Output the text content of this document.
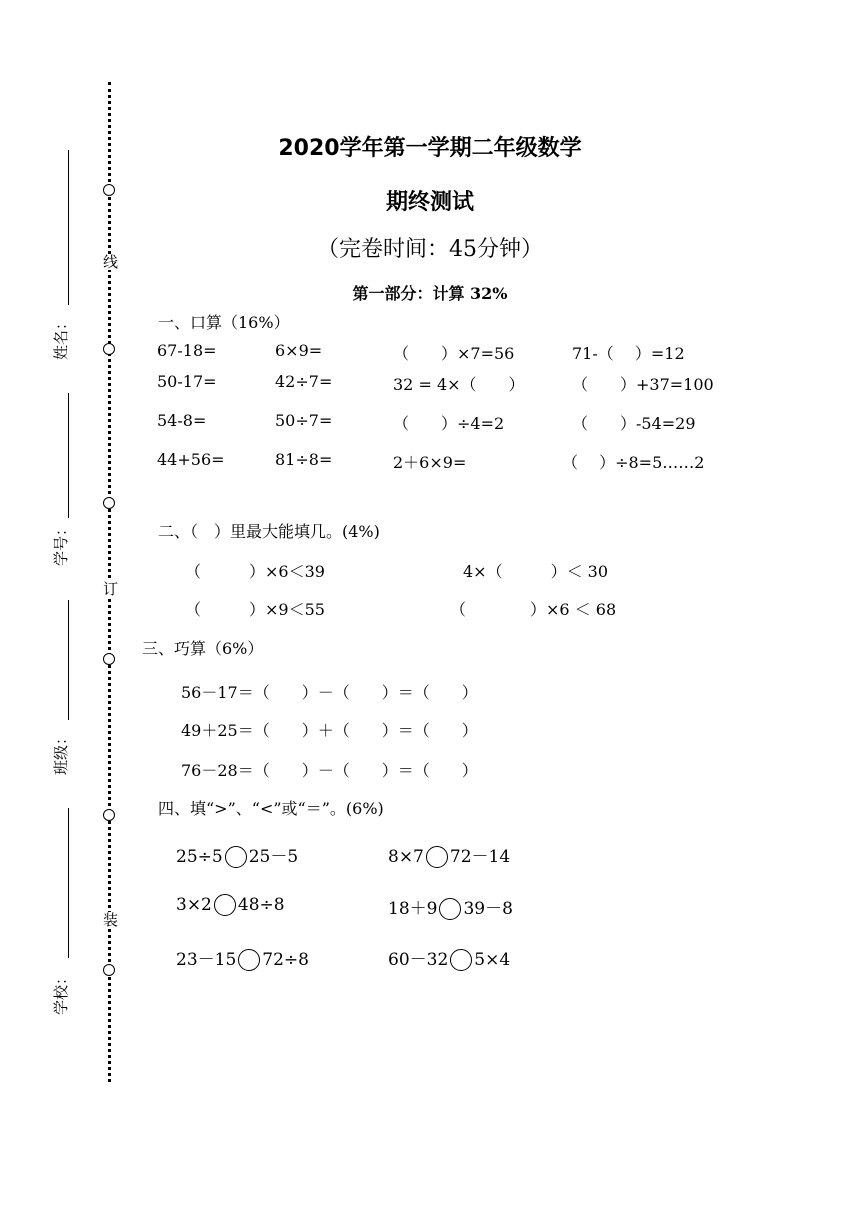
线
订
装
姓名：
学号：
班级：
学校：
2020学年第一学期二年级数学
期终测试
（完卷时间：45分钟）
第一部分：计算 32%
一、口算（16%）
67-18=	6×9=	（　　）×7=56	71-（　 ）=12
50-17=	42÷7=	32 = 4×（　　）	（　　）+37=100
54-8=	50÷7=	（　　）÷4=2	（　　）-54=29
44+56=	81÷8=	2＋6×9=	（　 ）÷8=5……2
二、（　）里最大能填几。(4%)
（　　　）×6＜39	4×（　　　）＜ 30
（　　　）×9＜55	（　　　　）×6 ＜ 68
三、巧算（6%）
56－17＝（　　）－（　　）＝（　　）
49＋25＝（　　）＋（　　）＝（　　）
76－28＝（　　）－（　　）＝（　　）
四、填“>”、“<”或“＝”。(6%)
25÷5 25－5	8×7 72－14
3×2 48÷8	18＋9 39－8
23－15 72÷8	60－32 5×4
